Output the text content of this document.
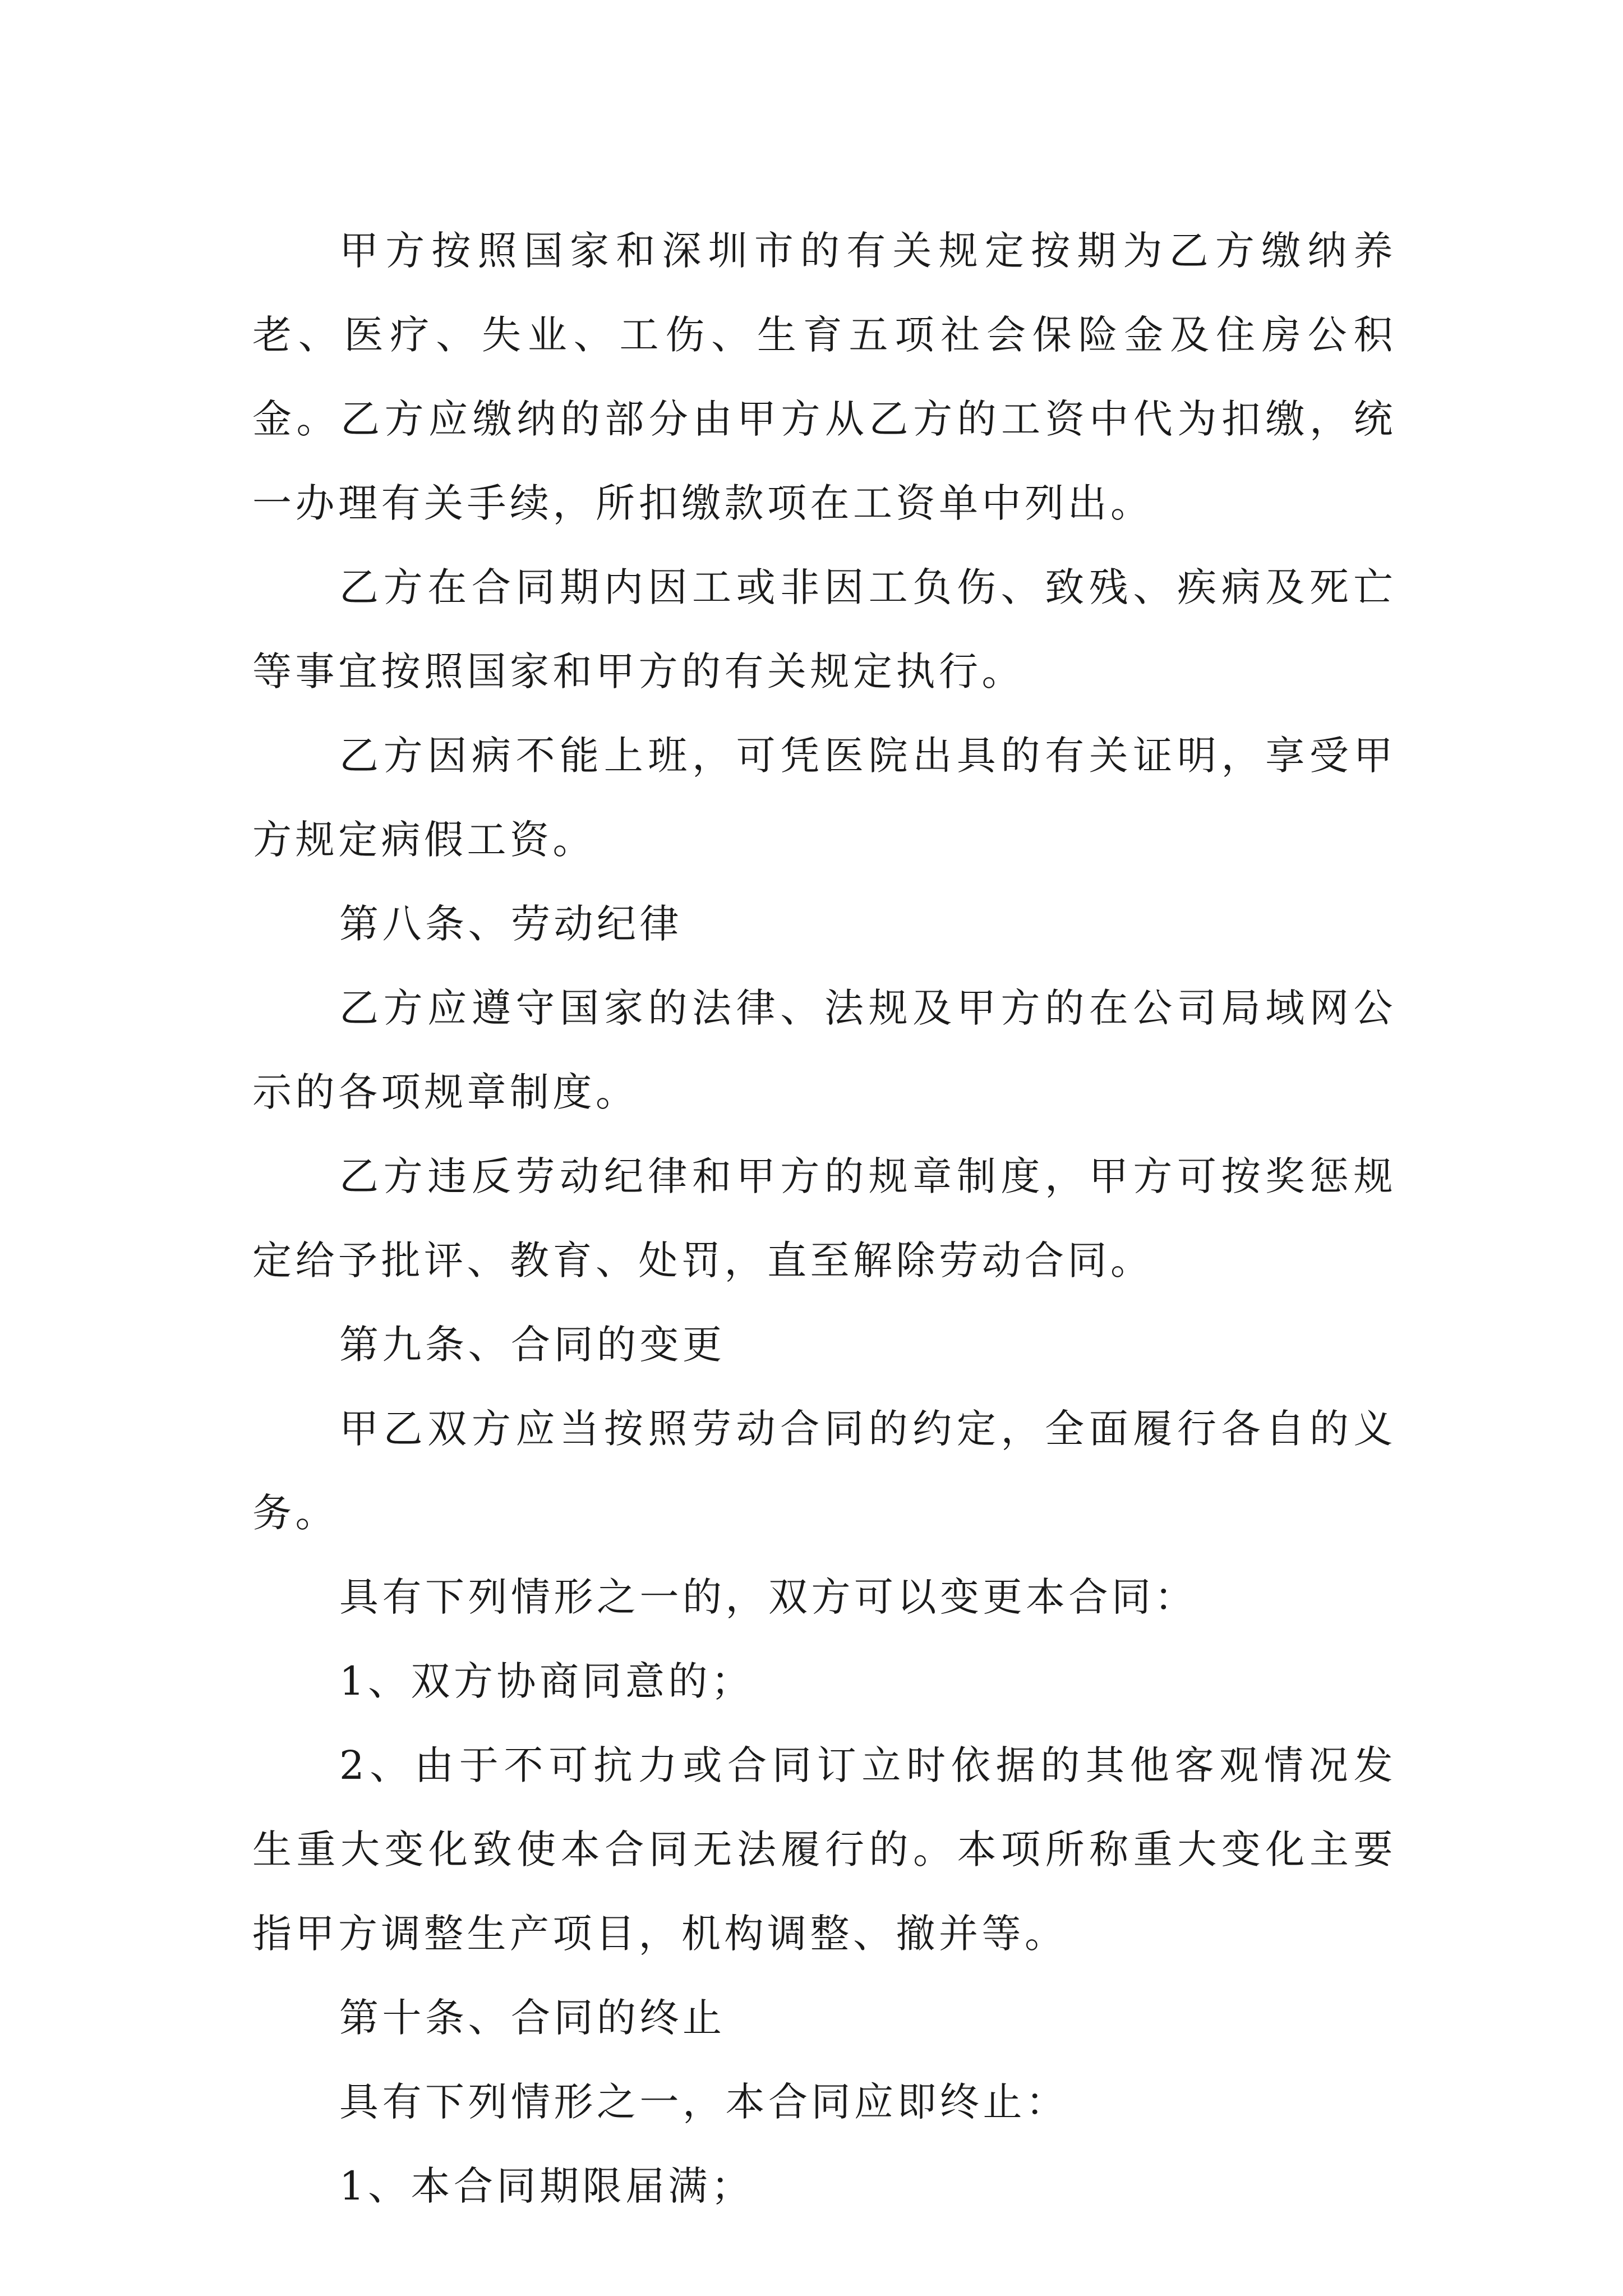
甲方按照国家和深圳市的有关规定按期为乙方缴纳养老、医疗、失业、工伤、生育五项社会保险金及住房公积金。乙方应缴纳的部分由甲方从乙方的工资中代为扣缴，统一办理有关手续，所扣缴款项在工资单中列出。

乙方在合同期内因工或非因工负伤、致残、疾病及死亡等事宜按照国家和甲方的有关规定执行。

乙方因病不能上班，可凭医院出具的有关证明，享受甲方规定病假工资。

第八条、劳动纪律

乙方应遵守国家的法律、法规及甲方的在公司局域网公示的各项规章制度。

乙方违反劳动纪律和甲方的规章制度，甲方可按奖惩规定给予批评、教育、处罚，直至解除劳动合同。

第九条、合同的变更

甲乙双方应当按照劳动合同的约定，全面履行各自的义务。

具有下列情形之一的，双方可以变更本合同：

1、双方协商同意的；

2、由于不可抗力或合同订立时依据的其他客观情况发生重大变化致使本合同无法履行的。本项所称重大变化主要指甲方调整生产项目，机构调整、撤并等。

第十条、合同的终止

具有下列情形之一，本合同应即终止：

1、本合同期限届满；
